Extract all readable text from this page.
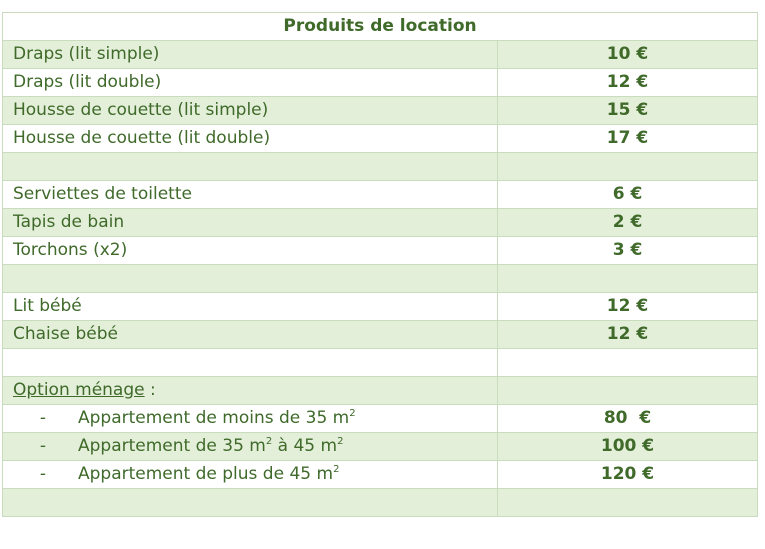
Produits de location	
Draps (lit simple)	10 €
Draps (lit double)	12 €
Housse de couette (lit simple)	15 €
Housse de couette (lit double)	17 €

Serviettes de toilette	6 €
Tapis de bain	2 €
Torchons (x2)	3 €

Lit bébé	12 €
Chaise bébé	12 €

Option ménage :	
- Appartement de moins de 35 $m^2$	80  €
- Appartement de 35 $m^2$ à 45 $m^2$	100 €
- Appartement de plus de 45 $m^2$	120 €
